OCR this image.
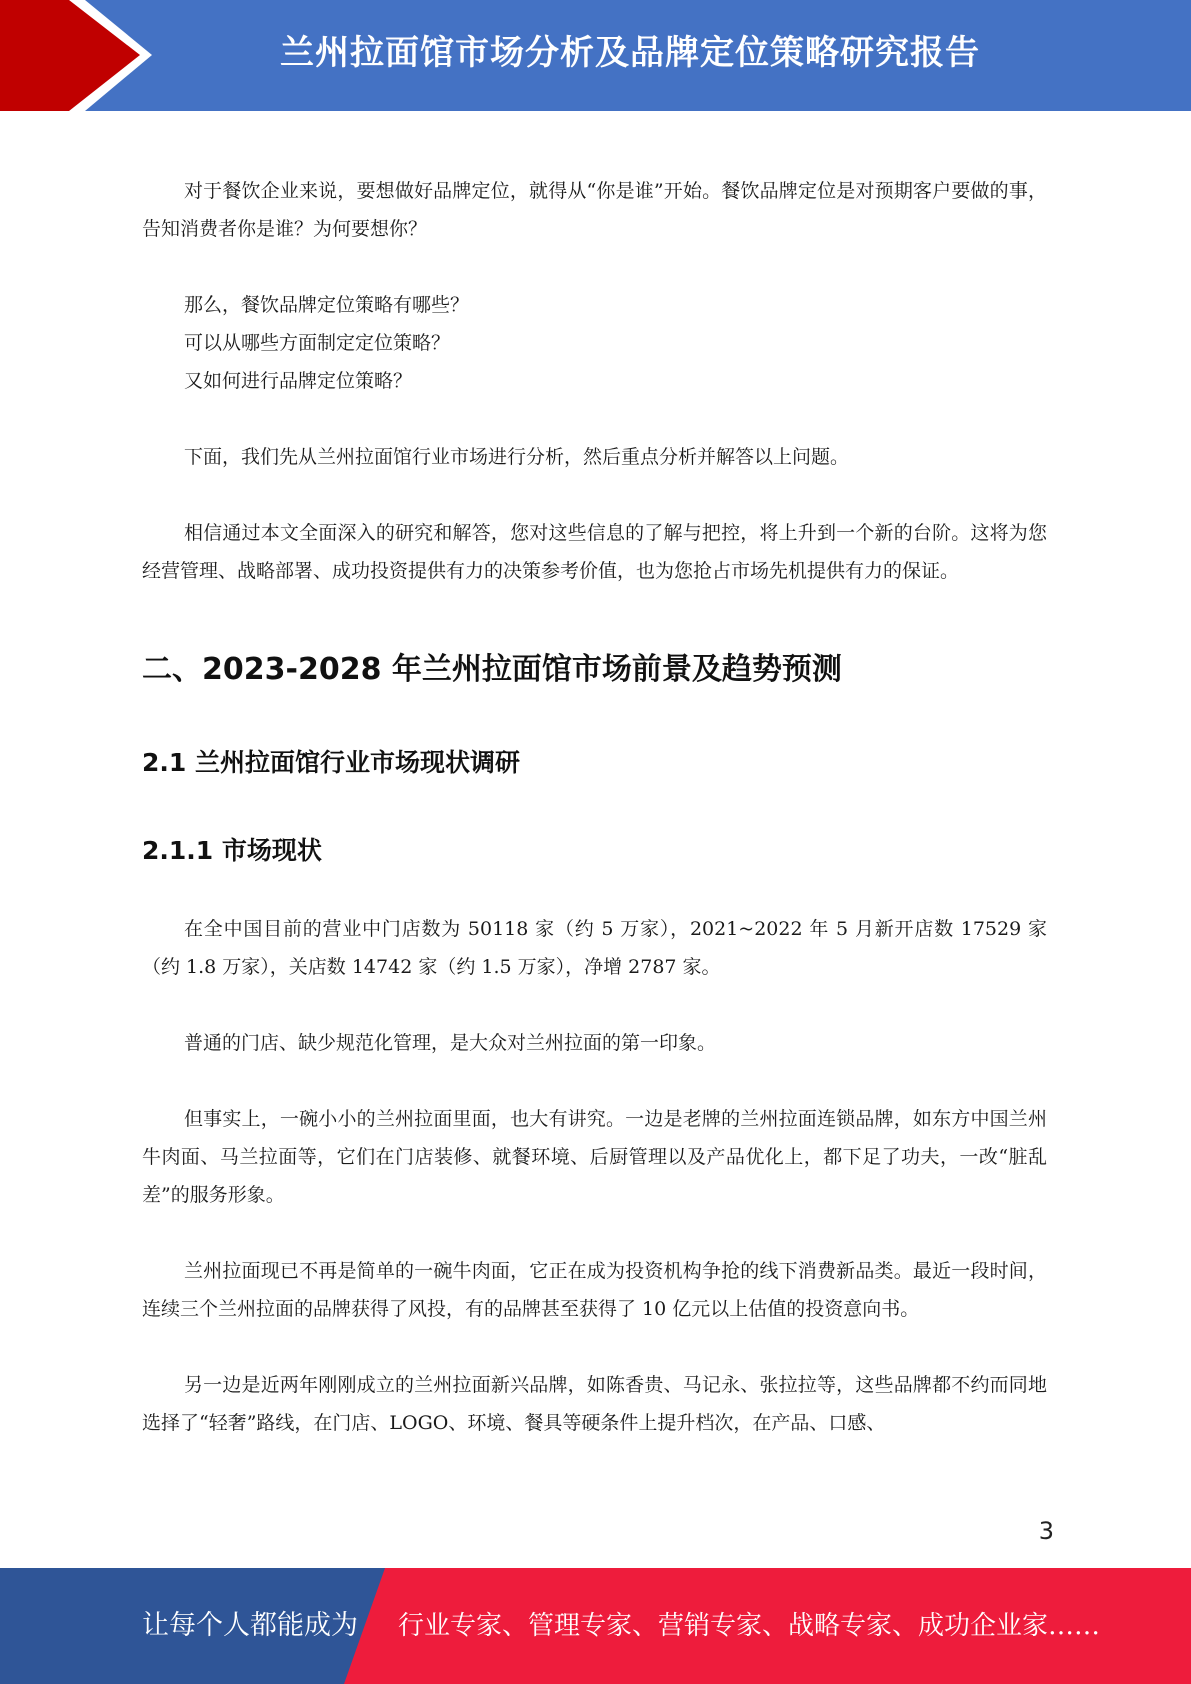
兰州拉面馆市场分析及品牌定位策略研究报告

对于餐饮企业来说，要想做好品牌定位，就得从“你是谁”开始。餐饮品牌定位是对预期客户要做的事，告知消费者你是谁？为何要想你？

那么，餐饮品牌定位策略有哪些？

可以从哪些方面制定定位策略？

又如何进行品牌定位策略？

下面，我们先从兰州拉面馆行业市场进行分析，然后重点分析并解答以上问题。

相信通过本文全面深入的研究和解答，您对这些信息的了解与把控，将上升到一个新的台阶。这将为您经营管理、战略部署、成功投资提供有力的决策参考价值，也为您抢占市场先机提供有力的保证。

二、2023-2028 年兰州拉面馆市场前景及趋势预测
2.1 兰州拉面馆行业市场现状调研
2.1.1 市场现状

在全中国目前的营业中门店数为 50118 家（约 5 万家），2021~2022 年 5 月新开店数 17529 家（约 1.8 万家），关店数 14742 家（约 1.5 万家），净增 2787 家。

普通的门店、缺少规范化管理，是大众对兰州拉面的第一印象。

但事实上，一碗小小的兰州拉面里面，也大有讲究。一边是老牌的兰州拉面连锁品牌，如东方中国兰州牛肉面、马兰拉面等，它们在门店装修、就餐环境、后厨管理以及产品优化上，都下足了功夫，一改“脏乱差”的服务形象。

兰州拉面现已不再是简单的一碗牛肉面，它正在成为投资机构争抢的线下消费新品类。最近一段时间，连续三个兰州拉面的品牌获得了风投，有的品牌甚至获得了 10 亿元以上估值的投资意向书。

另一边是近两年刚刚成立的兰州拉面新兴品牌，如陈香贵、马记永、张拉拉等，这些品牌都不约而同地选择了“轻奢”路线，在门店、LOGO、环境、餐具等硬条件上提升档次，在产品、口感、

3
让每个人都能成为 行业专家、管理专家、营销专家、战略专家、成功企业家……
